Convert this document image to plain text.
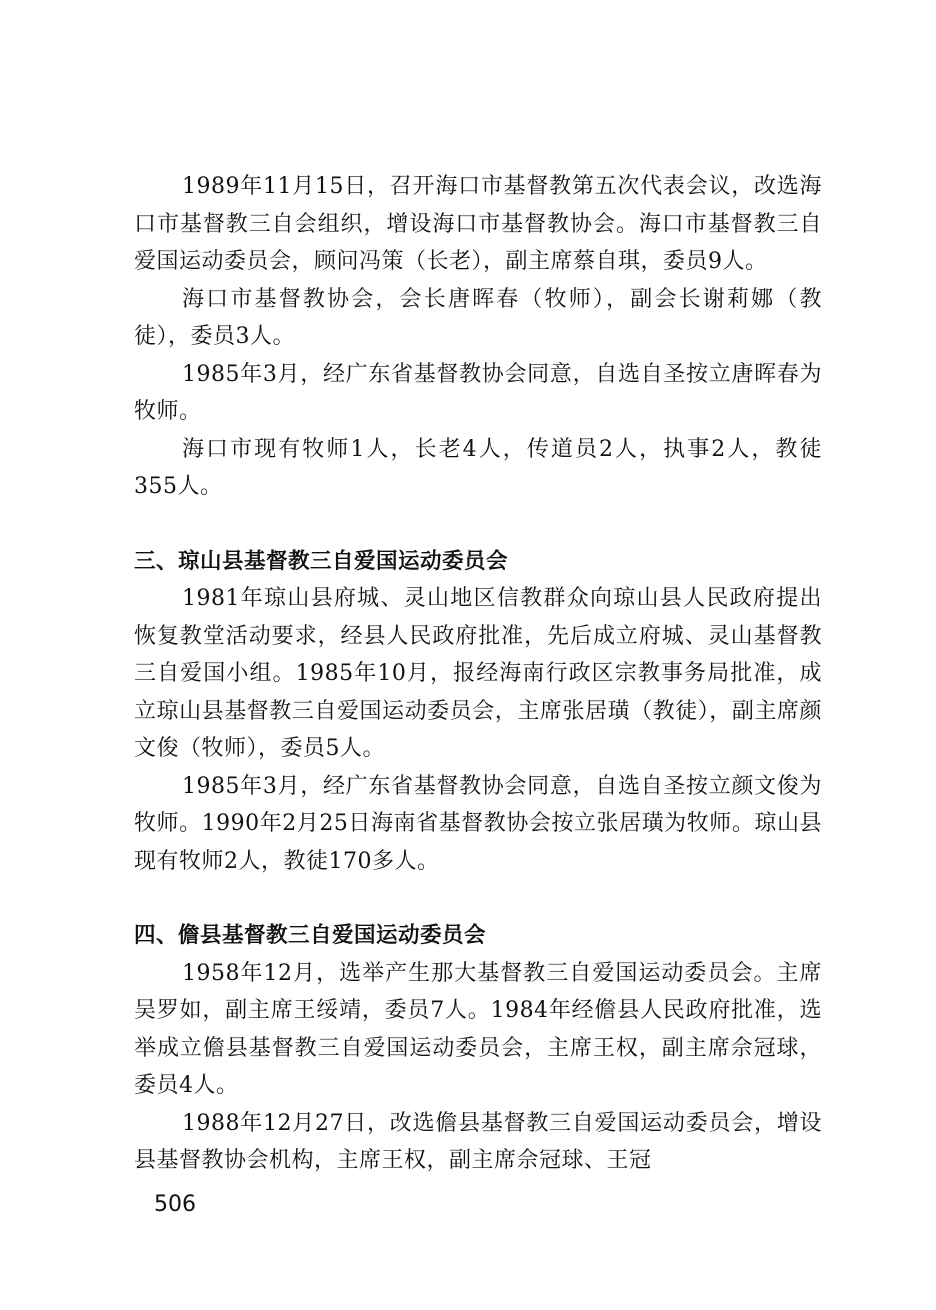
1989年11月15日，召开海口市基督教第五次代表会议，改选海口市基督教三自会组织，增设海口市基督教协会。海口市基督教三自爱国运动委员会，顾问冯策（长老），副主席蔡自琪，委员9人。

海口市基督教协会，会长唐晖春（牧师），副会长谢莉娜（教徒），委员3人。

1985年3月，经广东省基督教协会同意，自选自圣按立唐晖春为牧师。

海口市现有牧师1人，长老4人，传道员2人，执事2人，教徒355人。

三、琼山县基督教三自爱国运动委员会

1981年琼山县府城、灵山地区信教群众向琼山县人民政府提出恢复教堂活动要求，经县人民政府批准，先后成立府城、灵山基督教三自爱国小组。1985年10月，报经海南行政区宗教事务局批准，成立琼山县基督教三自爱国运动委员会，主席张居璜（教徒），副主席颜文俊（牧师），委员5人。

1985年3月，经广东省基督教协会同意，自选自圣按立颜文俊为牧师。1990年2月25日海南省基督教协会按立张居璜为牧师。琼山县现有牧师2人，教徒170多人。

四、儋县基督教三自爱国运动委员会

1958年12月，选举产生那大基督教三自爱国运动委员会。主席吴罗如，副主席王绥靖，委员7人。1984年经儋县人民政府批准，选举成立儋县基督教三自爱国运动委员会，主席王权，副主席佘冠球，委员4人。

1988年12月27日，改选儋县基督教三自爱国运动委员会，增设县基督教协会机构，主席王权，副主席佘冠球、王冠

506
